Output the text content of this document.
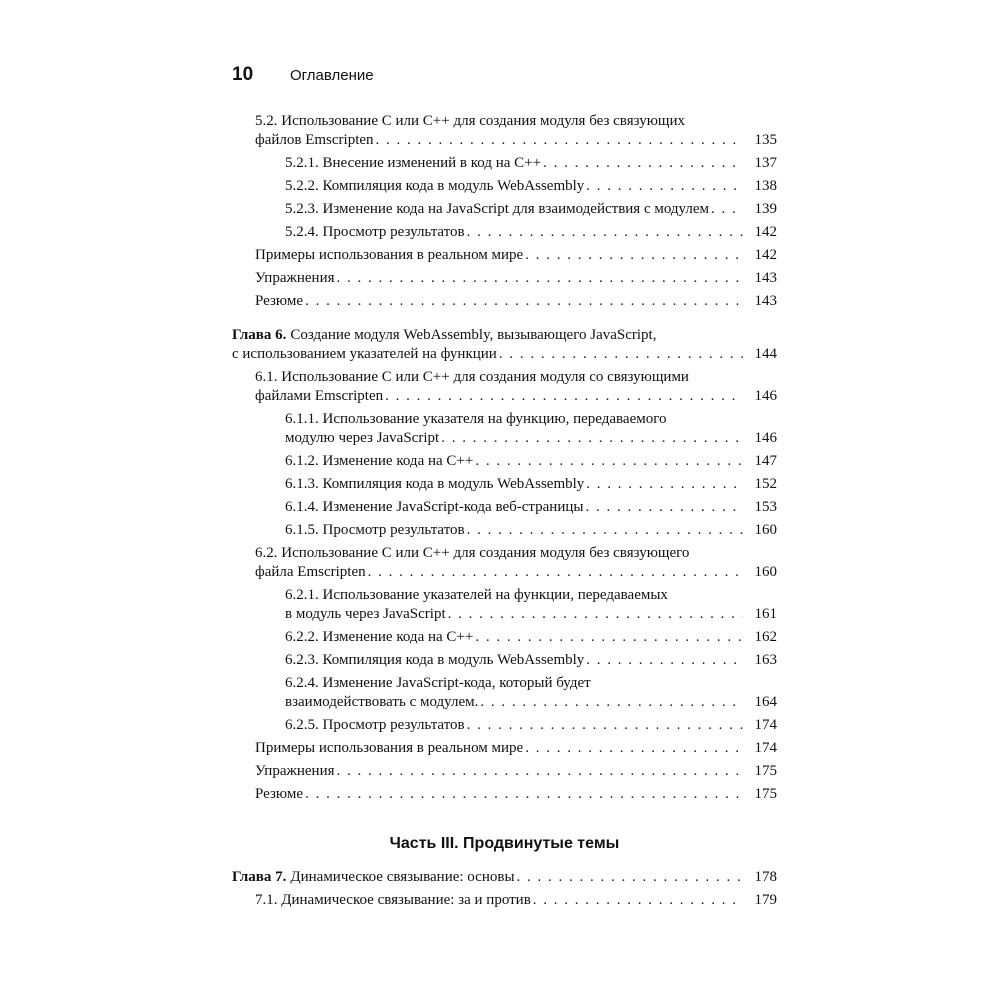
10	Оглавление
5.2. Использование C или C++ для создания модуля без связующих
файлов Emscripten . . .	135
5.2.1. Внесение изменений в код на C++ . . .	137
5.2.2. Компиляция кода в модуль WebAssembly . . .	138
5.2.3. Изменение кода на JavaScript для взаимодействия с модулем . . .	139
5.2.4. Просмотр результатов . . .	142
Примеры использования в реальном мире . . .	142
Упражнения . . .	143
Резюме . . .	143
Глава 6. Создание модуля WebAssembly, вызывающего JavaScript,
с использованием указателей на функции . . .	144
6.1. Использование C или C++ для создания модуля со связующими
файлами Emscripten . . .	146
6.1.1. Использование указателя на функцию, передаваемого
модулю через JavaScript . . .	146
6.1.2. Изменение кода на C++ . . .	147
6.1.3. Компиляция кода в модуль WebAssembly . . .	152
6.1.4. Изменение JavaScript-кода веб-страницы . . .	153
6.1.5. Просмотр результатов . . .	160
6.2. Использование C или C++ для создания модуля без связующего
файла Emscripten . . .	160
6.2.1. Использование указателей на функции, передаваемых
в модуль через JavaScript . . .	161
6.2.2. Изменение кода на C++ . . .	162
6.2.3. Компиляция кода в модуль WebAssembly . . .	163
6.2.4. Изменение JavaScript-кода, который будет
взаимодействовать с модулем. . . .	164
6.2.5. Просмотр результатов . . .	174
Примеры использования в реальном мире . . .	174
Упражнения . . .	175
Резюме . . .	175
Часть III. Продвинутые темы
Глава 7. Динамическое связывание: основы . . .	178
7.1. Динамическое связывание: за и против . . .	179
